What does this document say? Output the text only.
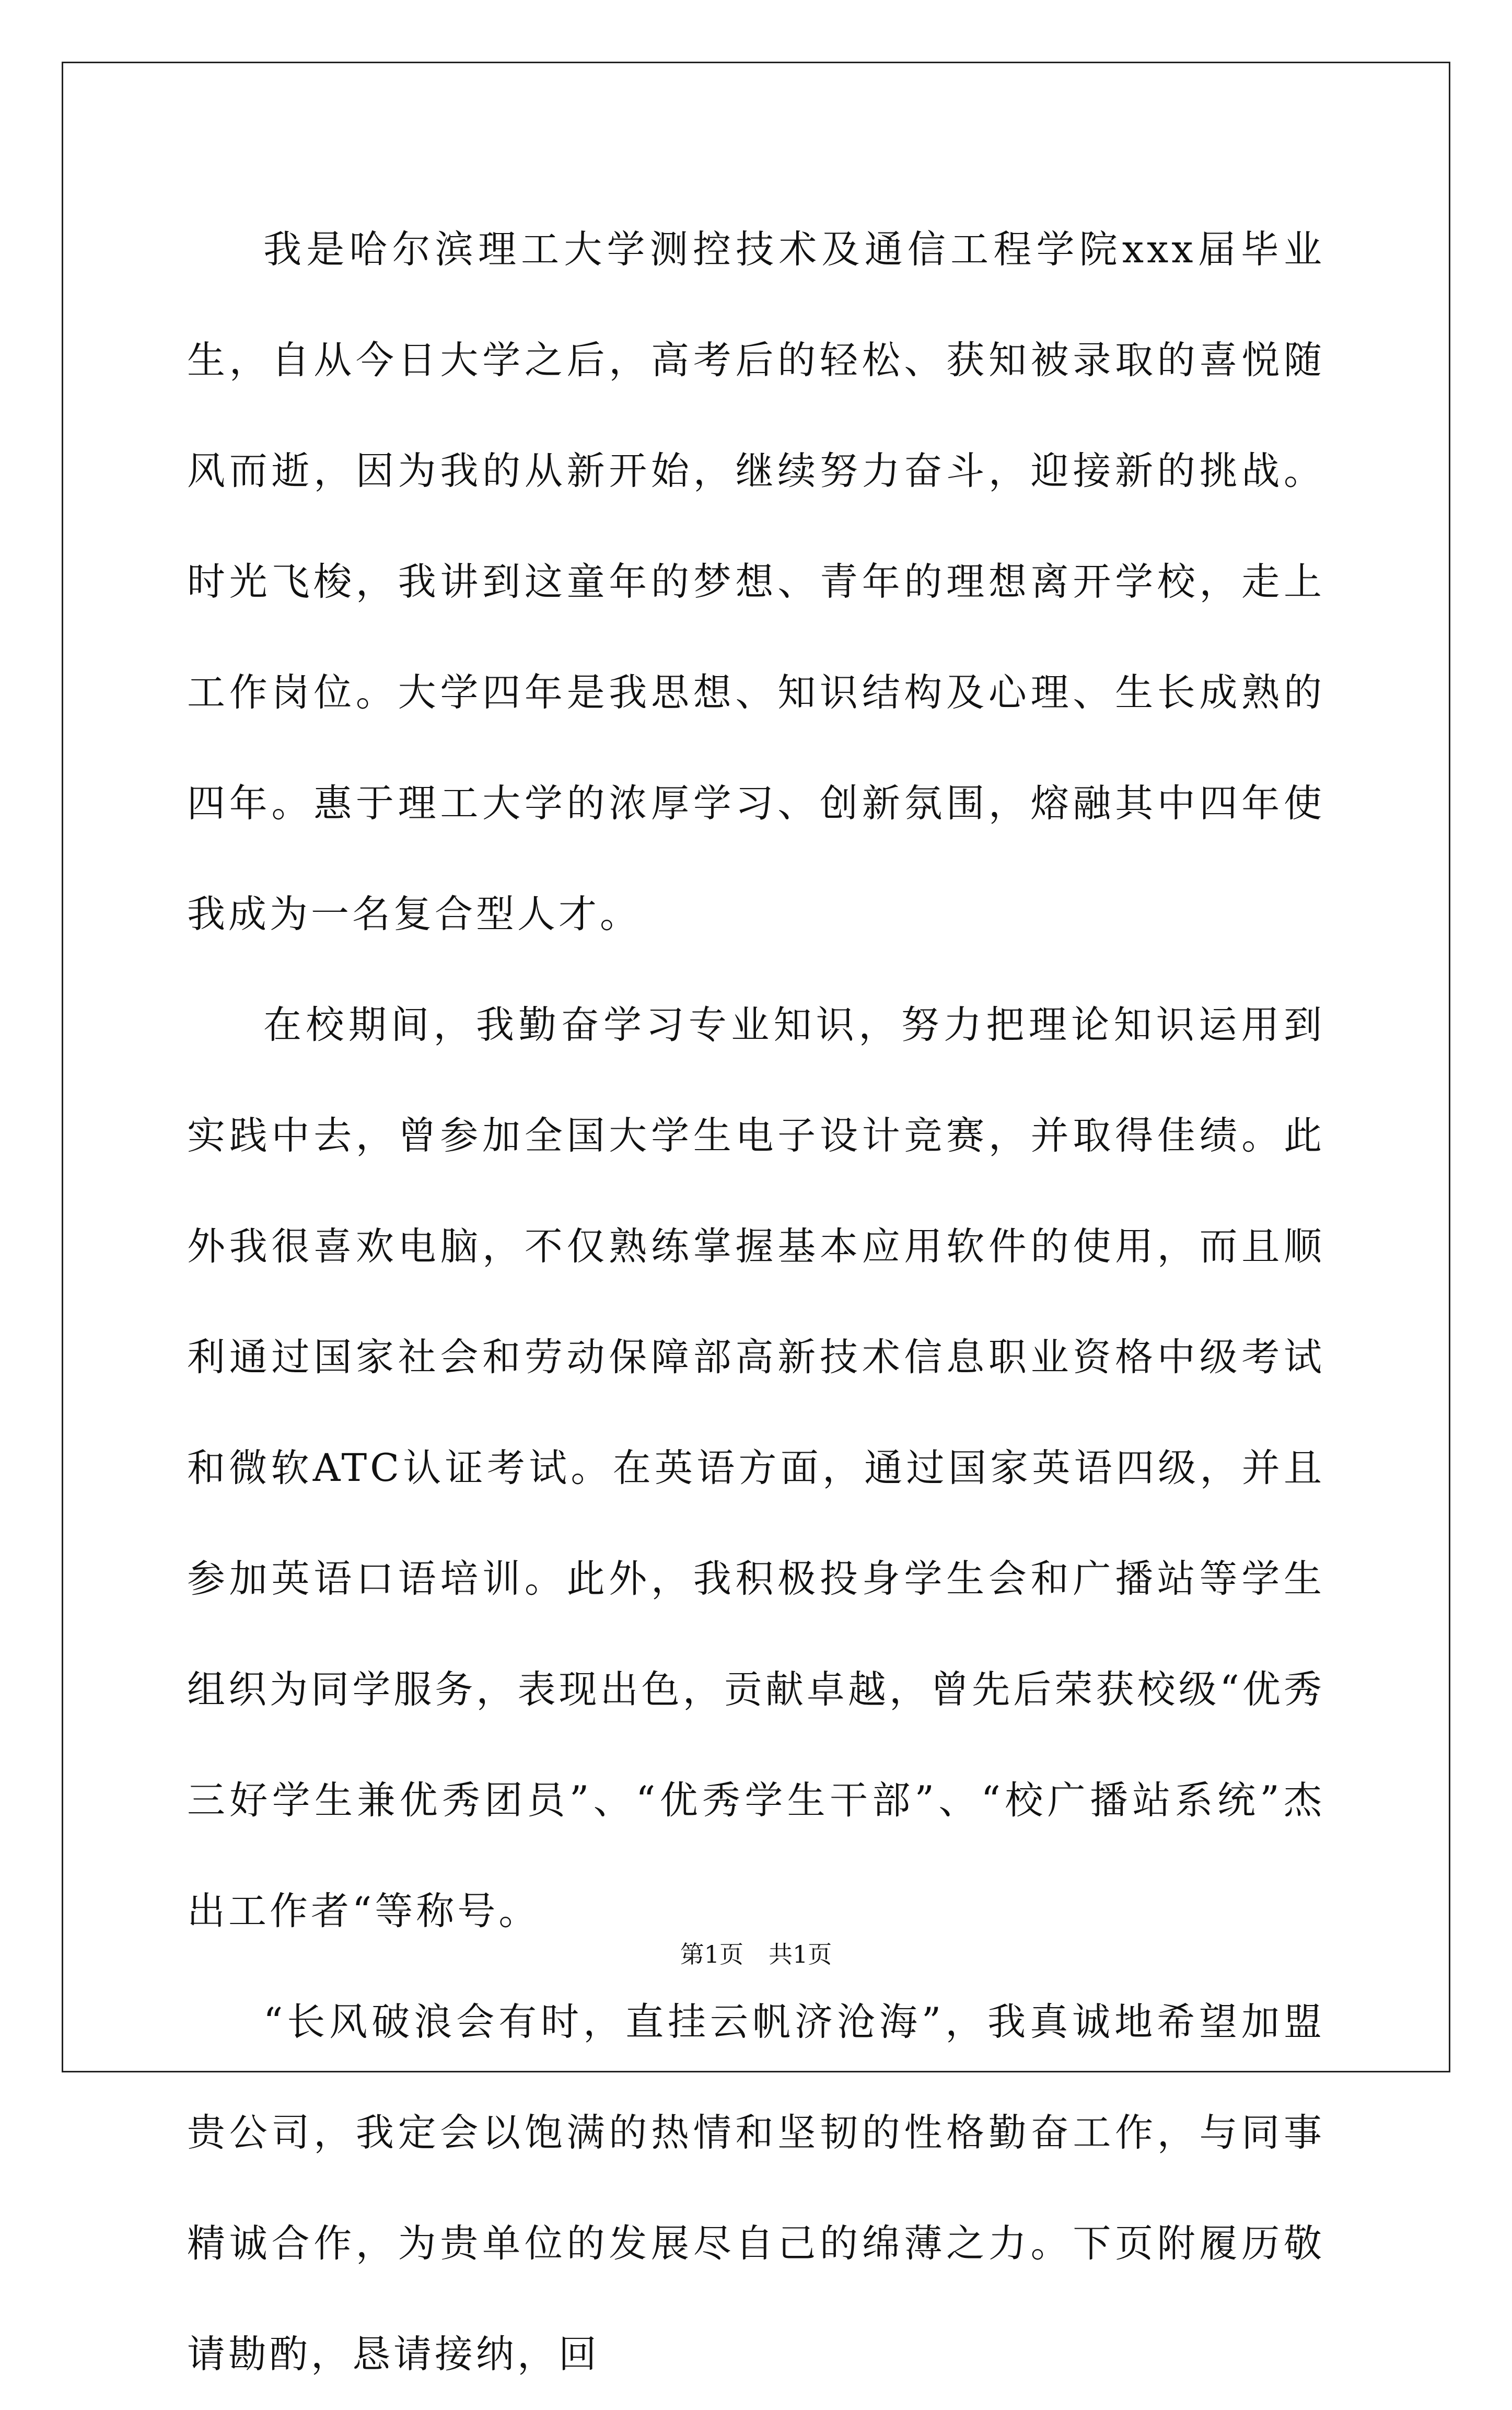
我是哈尔滨理工大学测控技术及通信工程学院xxx届毕业生，自从今日大学之后，高考后的轻松、获知被录取的喜悦随风而逝，因为我的从新开始，继续努力奋斗，迎接新的挑战。时光飞梭，我讲到这童年的梦想、青年的理想离开学校，走上工作岗位。大学四年是我思想、知识结构及心理、生长成熟的四年。惠于理工大学的浓厚学习、创新氛围，熔融其中四年使我成为一名复合型人才。

在校期间，我勤奋学习专业知识，努力把理论知识运用到实践中去，曾参加全国大学生电子设计竞赛，并取得佳绩。此外我很喜欢电脑，不仅熟练掌握基本应用软件的使用，而且顺利通过国家社会和劳动保障部高新技术信息职业资格中级考试和微软ATC认证考试。在英语方面，通过国家英语四级，并且参加英语口语培训。此外，我积极投身学生会和广播站等学生组织为同学服务，表现出色，贡献卓越，曾先后荣获校级“优秀三好学生兼优秀团员”、“优秀学生干部”、“校广播站系统”杰出工作者“等称号。

“长风破浪会有时，直挂云帆济沧海”，我真诚地希望加盟贵公司，我定会以饱满的热情和坚韧的性格勤奋工作，与同事精诚合作，为贵单位的发展尽自己的绵薄之力。下页附履历敬请勘酌，恳请接纳，回

第1页 共1页
